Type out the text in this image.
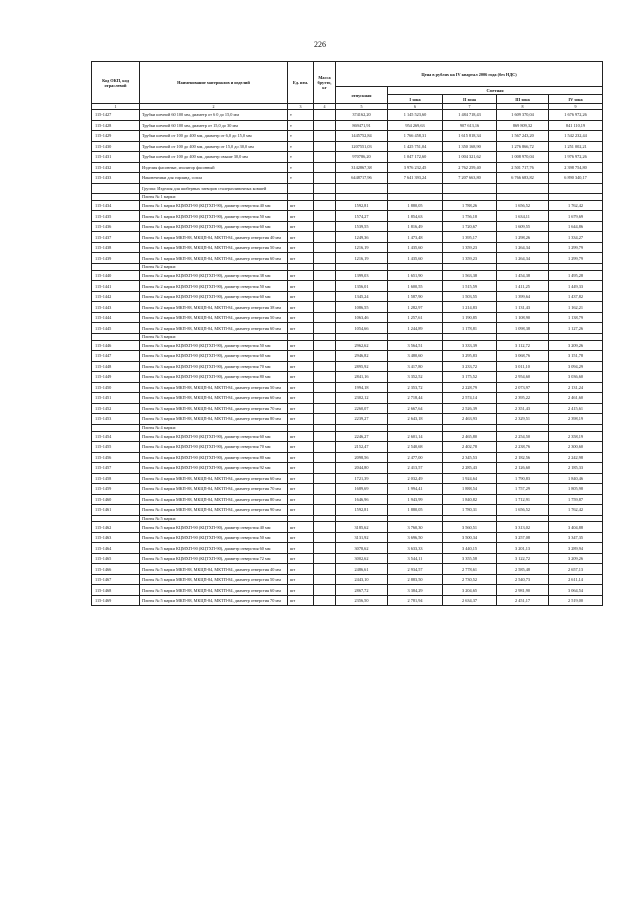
226
Код ОКП, код отраслевой	Наименование материалов и изделий	Ед. изм.	Масса брутто, кг	Цена в рублях на IV квартал 2006 года (без НДС)				
				отпускная	Сметная			
					I зона	II зона	III зона	IV зона
1	2	3	4	5	6	7	8	9
115-1427	Трубки шечной 60 100 мм, диаметр от 6 0 до 15,0 мм	т		374162,20	1 145 523,60	1 484 718,43	1 609 370,04	1 676 972,26
115-1428	Трубки шечной 60 100 мм, диаметр от 15,0 до 30 мм	т		869471,91	954 269,63	907 613,16	869 809,32	841 110,19
115-1429	Трубки шечной от 100 до 400 мм, диаметр от 6,0 до 15,0 мм	т		1445752,84	1 766 458,31	1 615 818,34	1 567 243,20	1 542 232,44
115-1430	Трубки шечной от 100 до 400 мм, диаметр от 15,0 до 30,0 мм	т		1207551,03	1 425 751,04	1 350 168,90	1 276 866,72	1 251 002,21
115-1431	Трубки шечной от 100 до 400 мм, диаметр свыше 30,0 мм	т		970786,20	1 047 172,60	1 004 321,62	1 008 970,04	1 976 972,26
115-1432	Изделия фасонные, изолятор фасонный	т		3142867,38	3 976 232,45	2 762 259,40	2 501 717,76	2 398 754,80
115-1433	Наконечники для гирлянд, сопла	т		6448717,96	7 641 393,24	7 207 663,80	6 766 683,82	6 890 340,17
	Группа: Изделия для шиберных затворов сталеразливочных ковшей							
	Плиты № 1 марки:							
115-1434	Плиты № 1 марки КЦМХП-90 (КЦТХП-90), диаметр отверстия 40 мм	шт		1592,81	1 880,05	1 788,26	1 656,52	1 762,42
115-1435	Плиты № 1 марки КЦМХП-90 (КЦТХП-90), диаметр отверстия 50 мм	шт		1574,27	1 854,63	1 756,18	1 634,11	1 679,69
115-1436	Плиты № 1 марки КЦМХП-90 (КЦТХП-90), диаметр отверстия 60 мм	шт		1539,55	1 816,49	1 720,67	1 609,55	1 644,86
115-1437	Плиты № 1 марки МКП-88, МКЦП-84, МКТП-84, диаметр отверстия 40 мм	шт		1249,36	1 473,48	1 395,17	1 298,26	1 334,27
115-1438	Плиты № 1 марки МКП-88, МКЦП-84, МКТП-84, диаметр отверстия 50 мм	шт		1216,19	1 435,60	1 359,23	1 264,34	1 299,79
115-1439	Плиты № 1 марки МКП-88, МКЦП-84, МКТП-84, диаметр отверстия 60 мм	шт		1216,19	1 435,60	1 359,23	1 264,34	1 299,79
	Плиты № 2 марки:							
115-1440	Плиты № 2 марки КЦМХП-90 (КЦТХП-90), диаметр отверстия 38 мм	шт		1399,03	1 651,90	1 563,38	1 454,38	1 495,28
115-1441	Плиты № 2 марки КЦМХП-90 (КЦТХП-90), диаметр отверстия 50 мм	шт		1356,01	1 600,55	1 515,59	1 411,25	1 449,33
115-1442	Плиты № 2 марки КЦМХП-90 (КЦТХП-90), диаметр отверстия 60 мм	шт		1345,24	1 587,90	1 503,55	1 399,64	1 437,82
115-1443	Плиты № 2 марки МКП-88, МКЦП-84, МКТП-84, диаметр отверстия 38 мм	шт		1086,55	1 282,97	1 214,83	1 131,43	1 162,21
115-1444	Плиты № 2 марки МКП-88, МКЦП-84, МКТП-84, диаметр отверстия 50 мм	шт		1063,46	1 257,61	1 190,85	1 108,90	1 138,79
115-1445	Плиты № 2 марки МКП-88, МКЦП-84, МКТП-84, диаметр отверстия 60 мм	шт		1054,66	1 244,89	1 178,81	1 098,38	1 127,26
	Плиты № 3 марки:							
115-1446	Плиты № 3 марки КЦМХП-90 (КЦТХП-90), диаметр отверстия 50 мм	шт		2962,62	3 564,51	3 333,39	3 112,72	3 209,26
115-1447	Плиты № 3 марки КЦМХП-90 (КЦТХП-90), диаметр отверстия 60 мм	шт		2946,82	3 480,60	3 295,83	3 068,76	3 151,78
115-1448	Плиты № 3 марки КЦМХП-90 (КЦТХП-90), диаметр отверстия 70 мм	шт		2895,92	3 417,80	3 233,72	3 011,10	3 094,29
115-1449	Плиты № 3 марки КЦМХП-90 (КЦТХП-90), диаметр отверстия 80 мм	шт		2841,16	3 352,52	3 175,52	2 954,60	3 036,60
115-1450	Плиты № 3 марки МКП-88, МКЦП-84, МКТП-84, диаметр отверстия 50 мм	шт		1994,18	2 353,72	2 228,79	2 073,97	2 131,24
115-1451	Плиты № 3 марки МКП-88, МКЦП-84, МКТП-84, диаметр отверстия 60 мм	шт		2302,12	2 718,44	2 574,14	2 395,22	2 461,60
115-1452	Плиты № 3 марки МКП-88, МКЦП-84, МКТП-84, диаметр отверстия 70 мм	шт		2260,07	2 667,64	2 526,39	2 351,43	2 415,61
115-1453	Плиты № 3 марки МКП-88, МКЦП-84, МКТП-84, диаметр отверстия 80 мм	шт		2239,27	2 643,18	2 463,93	2 329,51	2 398,19
	Плиты № 4 марки:							
115-1454	Плиты № 4 марки КЦМХП-90 (КЦТХП-90), диаметр отверстия 60 мм	шт		2246,27	2 601,14	2 465,80	2 254,50	2 358,19
115-1455	Плиты № 4 марки КЦМХП-90 (КЦТХП-90), диаметр отверстия 70 мм	шт		2152,47	2 540,68	2 402,78	2 238,76	2 300,60
115-1456	Плиты № 4 марки КЦМХП-90 (КЦТХП-90), диаметр отверстия 80 мм	шт		2098,56	2 477,00	2 345,53	2 182,56	2 242,98
115-1457	Плиты № 4 марки КЦМХП-90 (КЦТХП-90), диаметр отверстия 92 мм	шт		2044,80	2 413,57	2 285,43	2 126,60	2 185,33
115-1458	Плиты № 4 марки МКП-88, МКЦП-84, МКТП-84, диаметр отверстия 60 мм	шт		1721,39	2 032,49	1 924,64	1 790,83	1 840,46
115-1459	Плиты № 4 марки МКП-88, МКЦП-84, МКТП-84, диаметр отверстия 70 мм	шт		1689,69	1 994,41	1 888,54	1 757,29	1 805,98
115-1460	Плиты № 4 марки МКП-88, МКЦП-84, МКТП-84, диаметр отверстия 80 мм	шт		1646,96	1 943,99	1 840,82	1 712,91	1 759,87
115-1461	Плиты № 4 марки МКП-88, МКЦП-84, МКТП-84, диаметр отверстия 90 мм	шт		1592,81	1 880,05	1 780,31	1 656,52	1 762,42
	Плиты № 5 марки:							
115-1462	Плиты № 5 марки КЦМХП-90 (КЦТХП-90), диаметр отверстия 40 мм	шт		3185,62	3 760,30	3 560,51	3 313,02	3 404,88
115-1463	Плиты № 5 марки КЦМХП-90 (КЦТХП-90), диаметр отверстия 50 мм	шт		3131,92	3 696,50	3 500,34	3 257,08	3 347,35
115-1464	Плиты № 5 марки КЦМХП-90 (КЦТХП-90), диаметр отверстия 60 мм	шт		3078,62	3 633,33	3 440,15	3 201,13	3 289,94
115-1465	Плиты № 5 марки КЦМХП-90 (КЦТХП-90), диаметр отверстия 72 мм	шт		3002,62	3 544,11	3 355,58	3 122,72	3 209,26
115-1466	Плиты № 5 марки МКП-88, МКЦП-84, МКТП-84, диаметр отверстия 40 мм	шт		2486,61	2 934,57	2 778,61	2 585,48	2 657,13
115-1467	Плиты № 5 марки МКП-88, МКЦП-84, МКТП-84, диаметр отверстия 50 мм	шт		2443,10	2 883,50	2 730,52	2 540,73	2 611,14
115-1468	Плиты № 5 марки МКП-88, МКЦП-84, МКТП-84, диаметр отверстия 60 мм	шт		2867,72	3 384,29	3 204,65	2 981,90	3 064,54
115-1469	Плиты № 5 марки МКП-88, МКЦП-84, МКТП-84, диаметр отверстия 70 мм	шт		2356,50	2 781,94	2 634,37	2 451,17	2 519,00
